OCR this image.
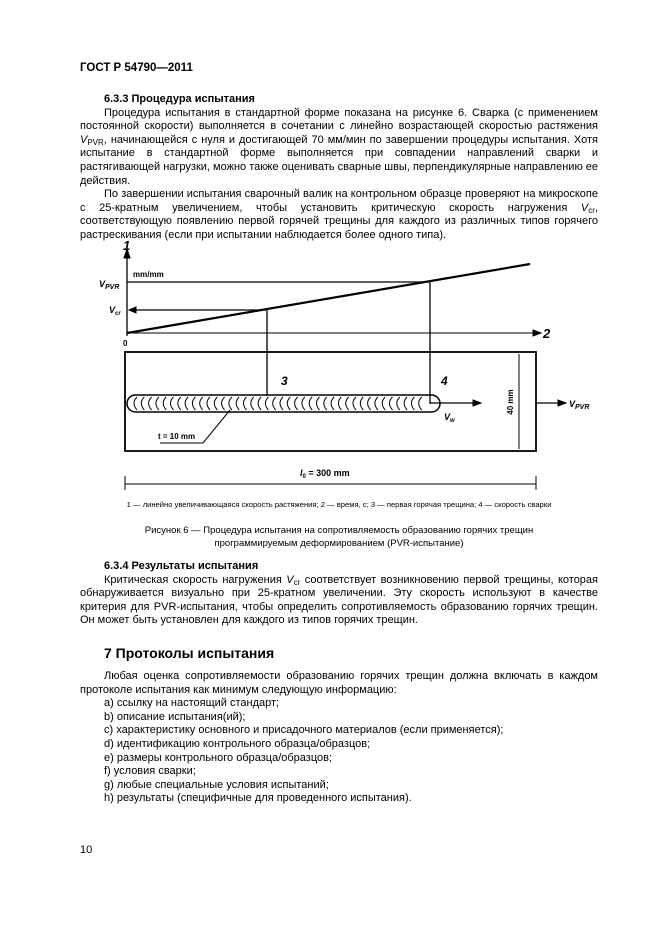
ГОСТ Р 54790—2011

6.3.3 Процедура испытания

Процедура испытания в стандартной форме показана на рисунке 6. Сварка (с применением постоянной скорости) выполняется в сочетании с линейно возрастающей скоростью растяжения $V_{PVR}$, начинающейся с нуля и достигающей 70 мм/мин по завершении процедуры испытания. Хотя испытание в стандартной форме выполняется при совпадении направлений сварки и растягивающей нагрузки, можно также оценивать сварные швы, перпендикулярные направлению ее действия.

По завершении испытания сварочный валик на контрольном образце проверяют на микроскопе с 25-кратным увеличением, чтобы установить критическую скорость нагружения $V_{cr}$, соответствующую появлению первой горячей трещины для каждого из различных типов горячего растрескивания (если при испытании наблюдается более одного типа).

1
2
mm/mm
0
$V_{PVR}$
$V_{cr}$
3	4
$V_w$
40 mm	$V_{PVR}$
t = 10 mm
$l_0 = 300$ mm
1 — линейно увеличивающаяся скорость растяжения; 2 — время, с; 3 — первая горячая трещина; 4 — скорость сварки
Рисунок 6 — Процедура испытания на сопротивляемость образованию горячих трещин
программируемым деформированием (PVR-испытание)

6.3.4 Результаты испытания

Критическая скорость нагружения $V_{cr}$ соответствует возникновению первой трещины, которая обнаруживается визуально при 25-кратном увеличении. Эту скорость используют в качестве критерия для PVR-испытания, чтобы определить сопротивляемость образованию горячих трещин. Он может быть установлен для каждого из типов горячих трещин.

7 Протоколы испытания

Любая оценка сопротивляемости образованию горячих трещин должна включать в каждом протоколе испытания как минимум следующую информацию:

a) ссылку на настоящий стандарт;
b) описание испытания(ий);
c) характеристику основного и присадочного материалов (если применяется);
d) идентификацию контрольного образца/образцов;
e) размеры контрольного образца/образцов;
f) условия сварки;
g) любые специальные условия испытаний;
h) результаты (специфичные для проведенного испытания).
10
